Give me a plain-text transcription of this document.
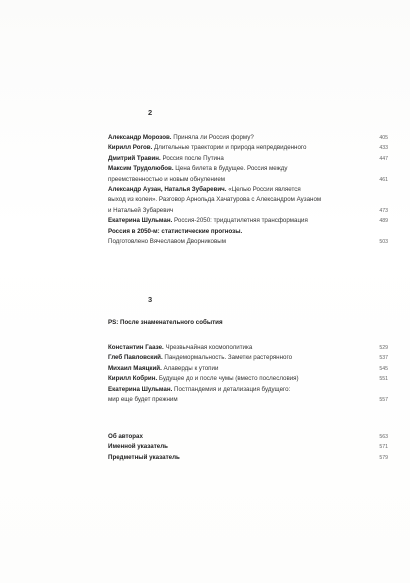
2
Александр Морозов. Приняла ли Россия форму?	405
Кирилл Рогов. Длительные траектории и природа непредвиденного	433
Дмитрий Травин. Россия после Путина	447
Максим Трудолюбов. Цена билета в будущее. Россия между
преемственностью и новым обнулением	461
Александр Аузан, Наталья Зубаревич. «Целью России является
выход из колеи». Разговор Арнольда Хачатурова с Александром Аузаном
и Натальей Зубаревич	473
Екатерина Шульман. Россия-2050: тридцатилетняя трансформация	489
Россия в 2050-м: статистические прогнозы.
Подготовлено Вячеславом Дворниковым	503
3
PS: После знаменательного события
Константин Гаазе. Чрезвычайная космополитика	529
Глеб Павловский. Пандемормальность. Заметки растерянного	537
Михаил Маяцкий. Алаверды к утопии	545
Кирилл Кобрин. Будущее до и после чумы (вместо послесловия)	551
Екатерина Шульман. Постпандемия и детализация будущего:
мир еще будет прежним	557
Об авторах	563
Именной указатель	571
Предметный указатель	579
